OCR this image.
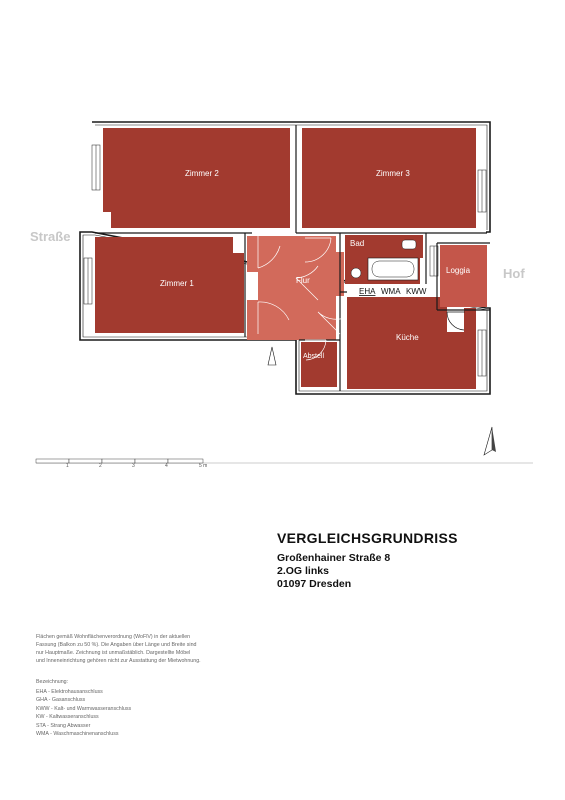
EHA WMA KWW
Zimmer 2	Zimmer 3
Zimmer 1	Flur
Bad
Loggia
Küche
Abstell
Straße
Hof
1	2	3	4	5 m
VERGLEICHSGRUNDRISS
Großenhainer Straße 8
2.OG links
01097 Dresden
Flächen gemäß Wohnflächenverordnung (WoFlV) in der aktuellen
Fassung (Balkon zu 50 %). Die Angaben über Länge und Breite sind
nur Hauptmaße. Zeichnung ist unmaßstäblich. Dargestellte Möbel
und Inneneinrichtung gehören nicht zur Ausstattung der Mietwohnung.
Bezeichnung:
EHA - Elektrohausanschluss
GHA - Gasanschluss
KWW - Kalt- und Warmwasseranschluss
KW - Kaltwasseranschluss
STA - Strang Abwasser
WMA - Waschmaschinenanschluss
